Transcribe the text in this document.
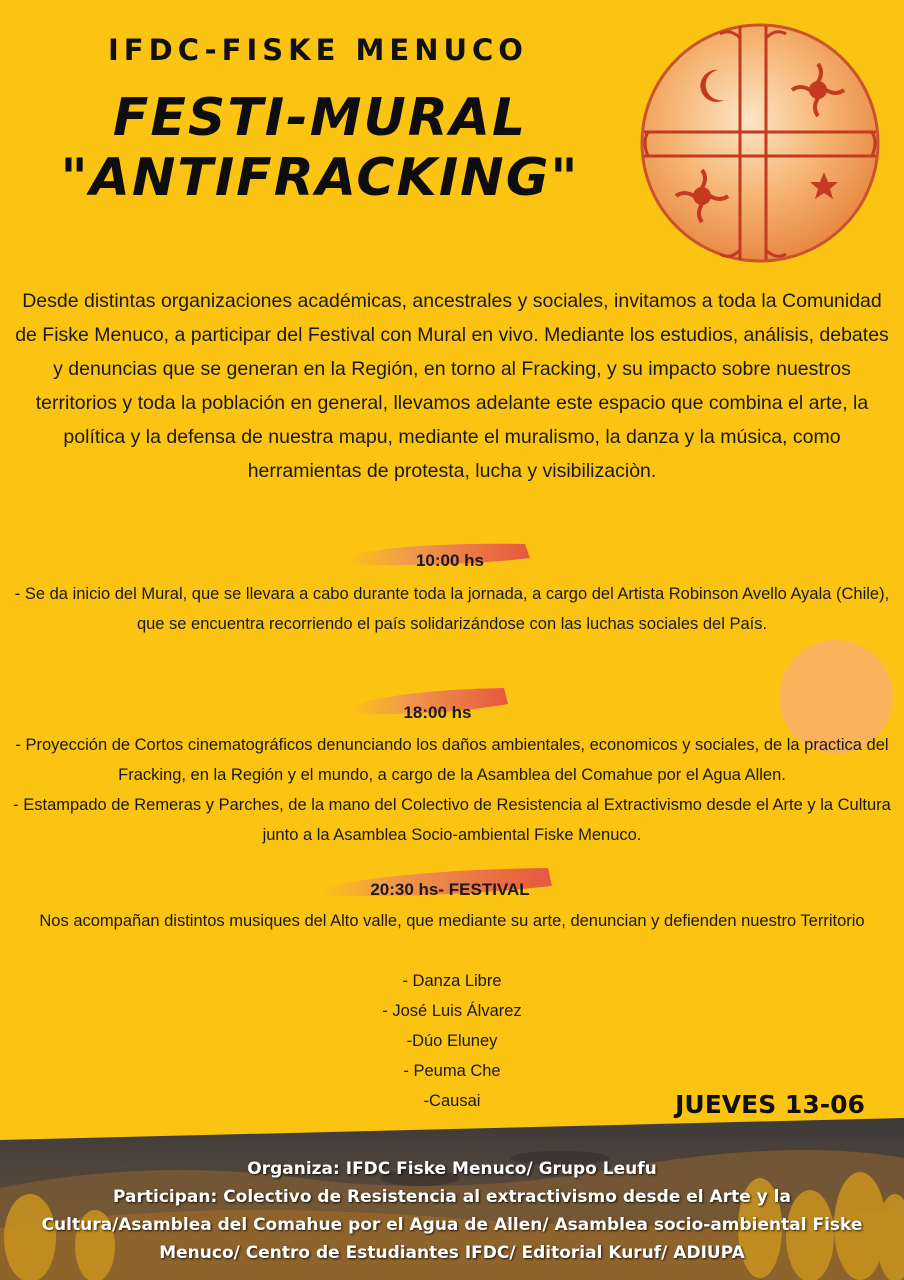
IFDC-FISKE MENUCO
FESTI-MURAL
"ANTIFRACKING"
Desde distintas organizaciones académicas, ancestrales y sociales, invitamos a toda la Comunidad de Fiske Menuco, a participar del Festival con Mural en vivo. Mediante los estudios, análisis, debates y denuncias que se generan en la Región, en torno al Fracking, y su impacto sobre nuestros territorios y toda la población en general, llevamos adelante este espacio que combina el arte, la política y la defensa de nuestra mapu, mediante el muralismo, la danza y la música, como herramientas de protesta, lucha y visibilizaciòn.
10:00 hs
- Se da inicio del Mural, que se llevara a cabo durante toda la jornada, a cargo del Artista Robinson Avello Ayala (Chile), que se encuentra recorriendo el país solidarizándose con las luchas sociales del País.
18:00 hs
- Proyección de Cortos cinematográficos denunciando los daños ambientales, economicos y sociales, de la practica del Fracking, en la Región y el mundo, a cargo de la Asamblea del Comahue por el Agua Allen.
- Estampado de Remeras y Parches, de la mano del Colectivo de Resistencia al Extractivismo desde el Arte y la Cultura junto a la Asamblea Socio-ambiental Fiske Menuco.
20:30 hs- FESTIVAL
Nos acompañan distintos musiques del Alto valle, que mediante su arte, denuncian y defienden nuestro Territorio
- Danza Libre
- José Luis Álvarez
-Dúo Eluney
- Peuma Che
-Causai	JUEVES 13-06
Organiza: IFDC Fiske Menuco/ Grupo Leufu
Participan: Colectivo de Resistencia al extractivismo desde el Arte y la Cultura/Asamblea del Comahue por el Agua de Allen/ Asamblea socio-ambiental Fiske Menuco/ Centro de Estudiantes IFDC/ Editorial Kuruf/ ADIUPA
